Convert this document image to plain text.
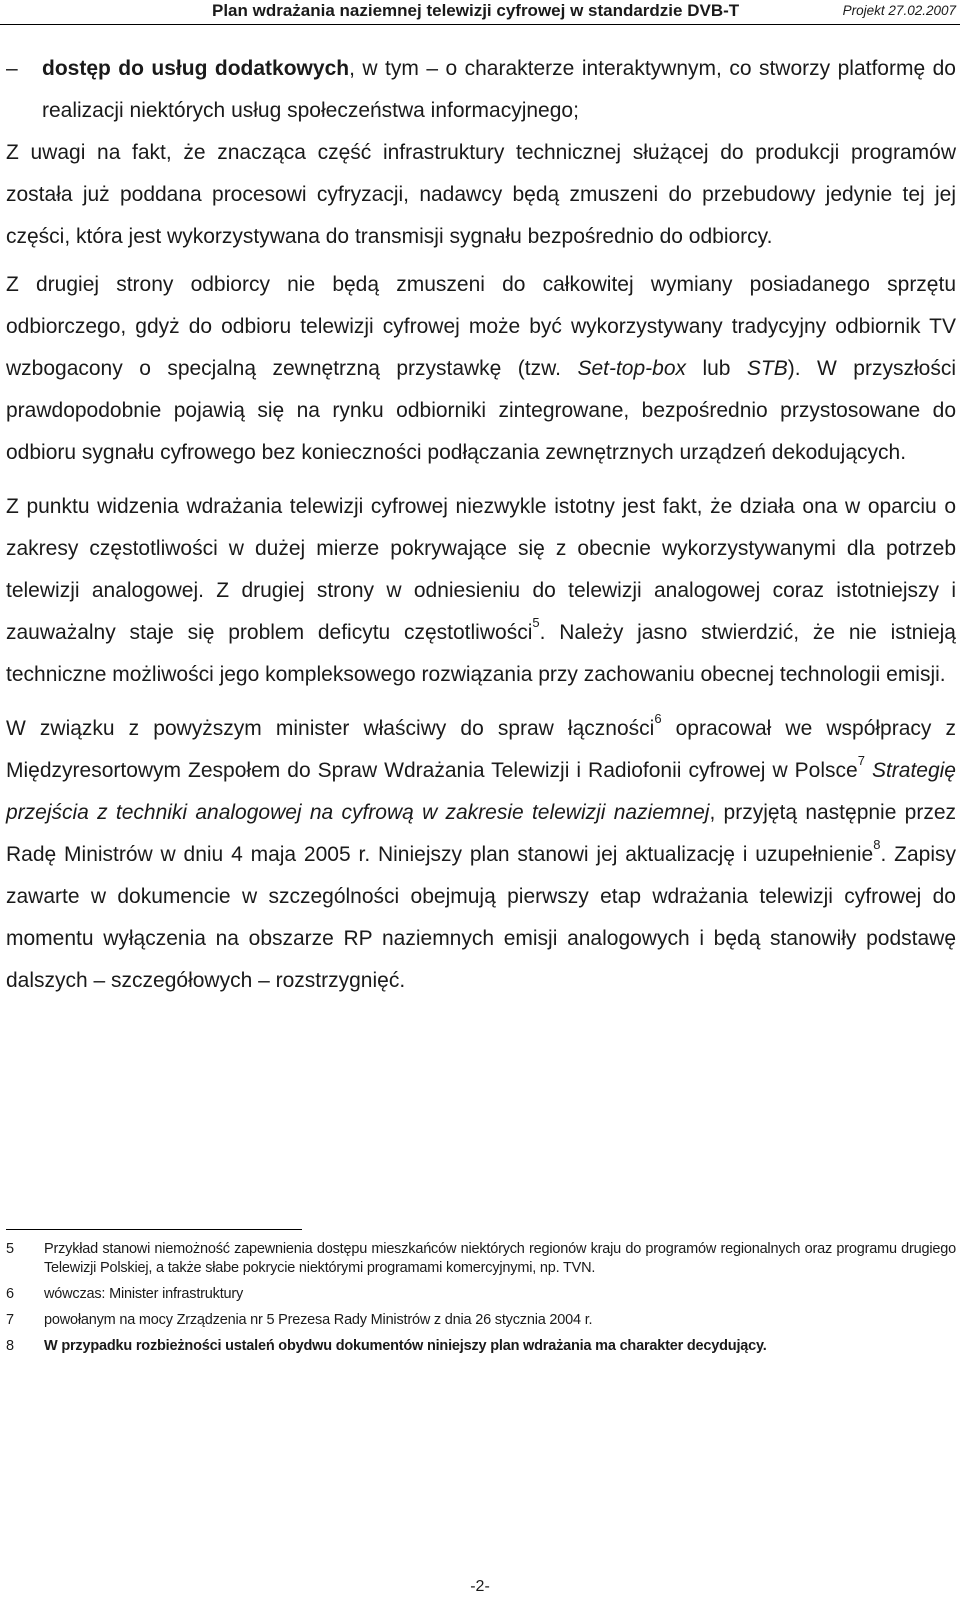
Plan wdrażania naziemnej telewizji cyfrowej w standardzie DVB-T	Projekt 27.02.2007
–	dostęp do usług dodatkowych, w tym – o charakterze interaktywnym, co stworzy platformę do realizacji niektórych usług społeczeństwa informacyjnego;

Z uwagi na fakt, że znacząca część infrastruktury technicznej służącej do produkcji programów została już poddana procesowi cyfryzacji, nadawcy będą zmuszeni do przebudowy jedynie tej jej części, która jest wykorzystywana do transmisji sygnału bezpośrednio do odbiorcy.

Z drugiej strony odbiorcy nie będą zmuszeni do całkowitej wymiany posiadanego sprzętu odbiorczego, gdyż do odbioru telewizji cyfrowej może być wykorzystywany tradycyjny odbiornik TV wzbogacony o specjalną zewnętrzną przystawkę (tzw. Set-top-box lub STB). W przyszłości prawdopodobnie pojawią się na rynku odbiorniki zintegrowane, bezpośrednio przystosowane do odbioru sygnału cyfrowego bez konieczności podłączania zewnętrznych urządzeń dekodujących.

Z punktu widzenia wdrażania telewizji cyfrowej niezwykle istotny jest fakt, że działa ona w oparciu o zakresy częstotliwości w dużej mierze pokrywające się z obecnie wykorzystywanymi dla potrzeb telewizji analogowej. Z drugiej strony w odniesieniu do telewizji analogowej coraz istotniejszy i zauważalny staje się problem deficytu częstotliwości$^5$. Należy jasno stwierdzić, że nie istnieją techniczne możliwości jego kompleksowego rozwiązania przy zachowaniu obecnej technologii emisji.

W związku z powyższym minister właściwy do spraw łączności$^6$ opracował we współpracy z Międzyresortowym Zespołem do Spraw Wdrażania Telewizji i Radiofonii cyfrowej w Polsce$^7$ Strategię przejścia z techniki analogowej na cyfrową w zakresie telewizji naziemnej, przyjętą następnie przez Radę Ministrów w dniu 4 maja 2005 r. Niniejszy plan stanowi jej aktualizację i uzupełnienie$^8$. Zapisy zawarte w dokumencie w szczególności obejmują pierwszy etap wdrażania telewizji cyfrowej do momentu wyłączenia na obszarze RP naziemnych emisji analogowych i będą stanowiły podstawę dalszych – szczegółowych – rozstrzygnięć.

5	Przykład stanowi niemożność zapewnienia dostępu mieszkańców niektórych regionów kraju do programów regionalnych oraz programu drugiego Telewizji Polskiej, a także słabe pokrycie niektórymi programami komercyjnymi, np. TVN.
6	wówczas: Minister infrastruktury
7	powołanym na mocy Zrządzenia nr 5 Prezesa Rady Ministrów z dnia 26 stycznia 2004 r.
8	W przypadku rozbieżności ustaleń obydwu dokumentów niniejszy plan wdrażania ma charakter decydujący.
-2-
